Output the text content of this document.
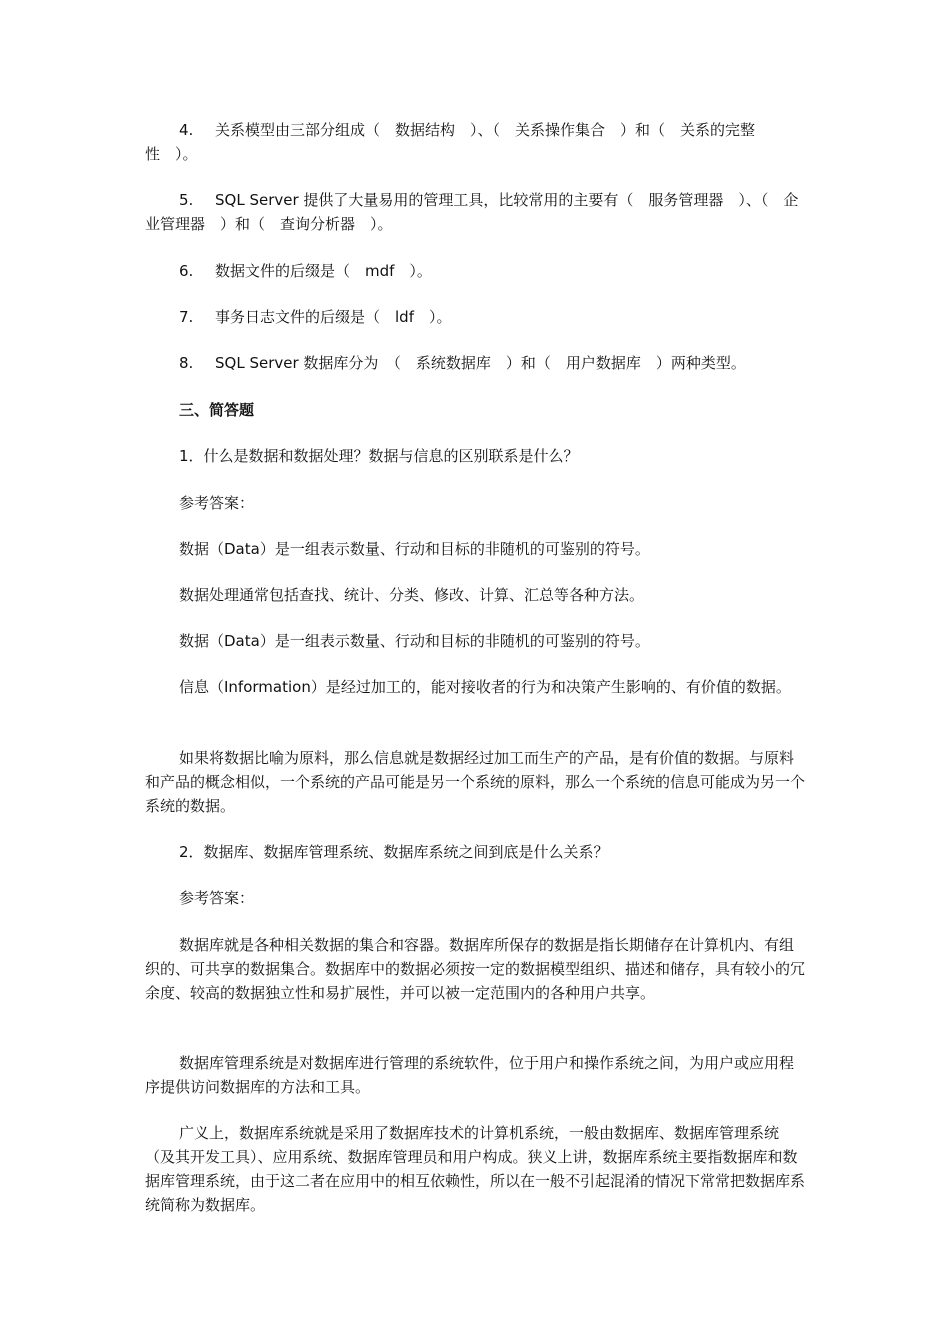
4. 关系模型由三部分组成（　数据结构　）、（　关系操作集合　）和（　关系的完整性　）。

5. SQL Server 提供了大量易用的管理工具，比较常用的主要有（　服务管理器　）、（　企业管理器　）和（　查询分析器　）。

6. 数据文件的后缀是（　mdf　）。

7. 事务日志文件的后缀是（　ldf　）。

8. SQL Server 数据库分为　（　系统数据库　）和（　用户数据库　）两种类型。

三、简答题

1．什么是数据和数据处理？数据与信息的区别联系是什么？

参考答案：

数据（Data）是一组表示数量、行动和目标的非随机的可鉴别的符号。

数据处理通常包括查找、统计、分类、修改、计算、汇总等各种方法。

数据（Data）是一组表示数量、行动和目标的非随机的可鉴别的符号。

信息（Information）是经过加工的，能对接收者的行为和决策产生影响的、有价值的数据。

如果将数据比喻为原料，那么信息就是数据经过加工而生产的产品，是有价值的数据。与原料和产品的概念相似，一个系统的产品可能是另一个系统的原料，那么一个系统的信息可能成为另一个系统的数据。

2．数据库、数据库管理系统、数据库系统之间到底是什么关系？

参考答案：

数据库就是各种相关数据的集合和容器。数据库所保存的数据是指长期储存在计算机内、有组织的、可共享的数据集合。数据库中的数据必须按一定的数据模型组织、描述和储存，具有较小的冗余度、较高的数据独立性和易扩展性，并可以被一定范围内的各种用户共享。

数据库管理系统是对数据库进行管理的系统软件，位于用户和操作系统之间，为用户或应用程序提供访问数据库的方法和工具。

广义上，数据库系统就是采用了数据库技术的计算机系统，一般由数据库、数据库管理系统（及其开发工具）、应用系统、数据库管理员和用户构成。狭义上讲，数据库系统主要指数据库和数据库管理系统，由于这二者在应用中的相互依赖性，所以在一般不引起混淆的情况下常常把数据库系统简称为数据库。
